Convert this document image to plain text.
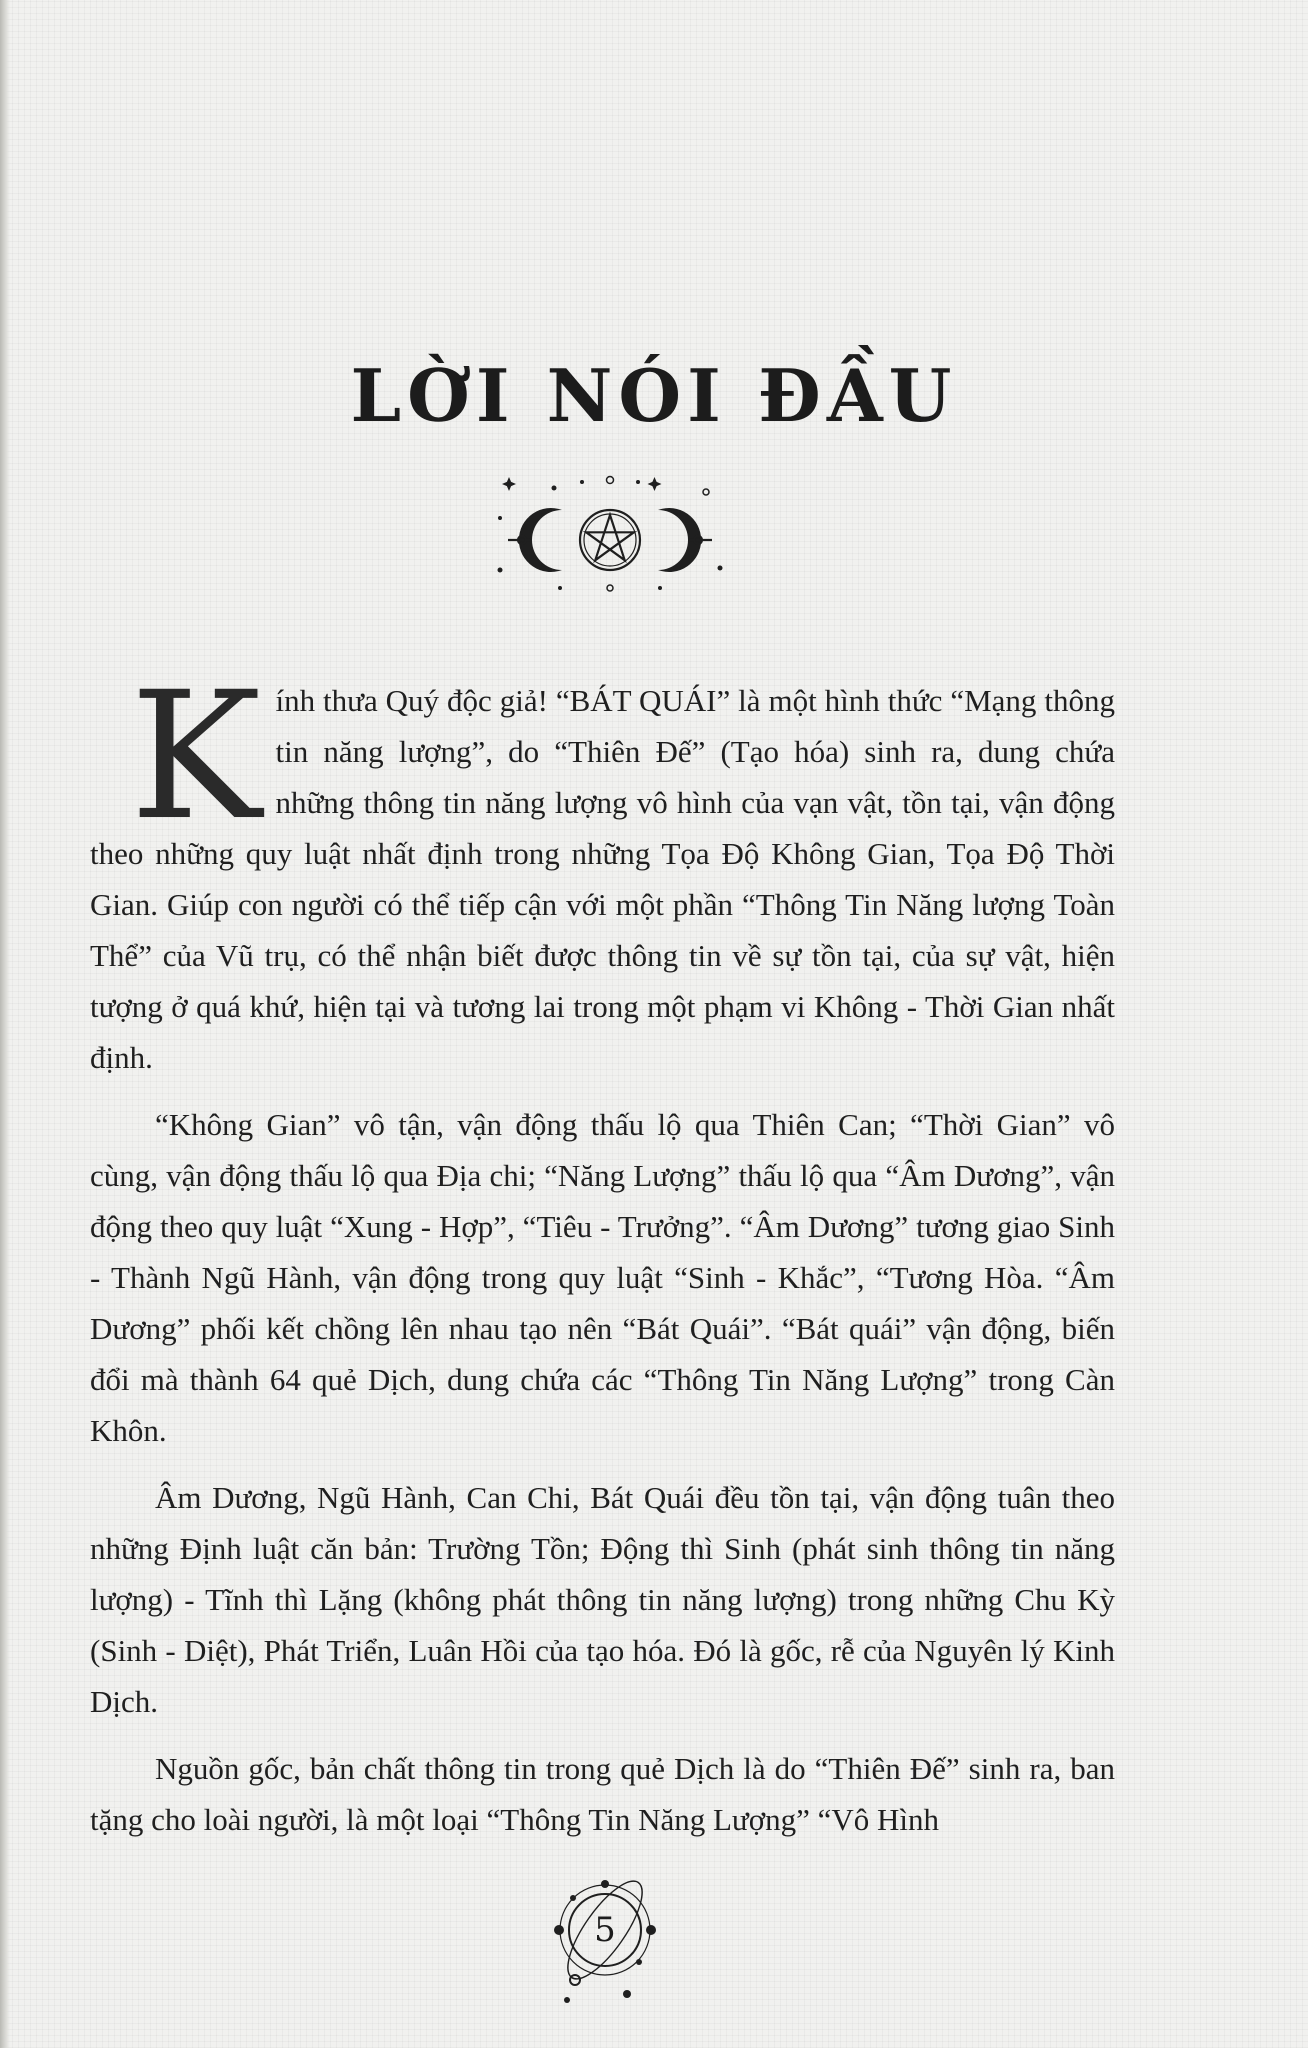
LỜI NÓI ĐẦU

Kính thưa Quý độc giả! “BÁT QUÁI” là một hình thức “Mạng thông tin năng lượng”, do “Thiên Đế” (Tạo hóa) sinh ra, dung chứa những thông tin năng lượng vô hình của vạn vật, tồn tại, vận động theo những quy luật nhất định trong những Tọa Độ Không Gian, Tọa Độ Thời Gian. Giúp con người có thể tiếp cận với một phần “Thông Tin Năng lượng Toàn Thể” của Vũ trụ, có thể nhận biết được thông tin về sự tồn tại, của sự vật, hiện tượng ở quá khứ, hiện tại và tương lai trong một phạm vi Không - Thời Gian nhất định.

“Không Gian” vô tận, vận động thấu lộ qua Thiên Can; “Thời Gian” vô cùng, vận động thấu lộ qua Địa chi; “Năng Lượng” thấu lộ qua “Âm Dương”, vận động theo quy luật “Xung - Hợp”, “Tiêu - Trưởng”. “Âm Dương” tương giao Sinh - Thành Ngũ Hành, vận động trong quy luật “Sinh - Khắc”, “Tương Hòa. “Âm Dương” phối kết chồng lên nhau tạo nên “Bát Quái”. “Bát quái” vận động, biến đổi mà thành 64 quẻ Dịch, dung chứa các “Thông Tin Năng Lượng” trong Càn Khôn.

Âm Dương, Ngũ Hành, Can Chi, Bát Quái đều tồn tại, vận động tuân theo những Định luật căn bản: Trường Tồn; Động thì Sinh (phát sinh thông tin năng lượng) - Tĩnh thì Lặng (không phát thông tin năng lượng) trong những Chu Kỳ (Sinh - Diệt), Phát Triển, Luân Hồi của tạo hóa. Đó là gốc, rễ của Nguyên lý Kinh Dịch.

Nguồn gốc, bản chất thông tin trong quẻ Dịch là do “Thiên Đế” sinh ra, ban tặng cho loài người, là một loại “Thông Tin Năng Lượng” “Vô Hình

5
